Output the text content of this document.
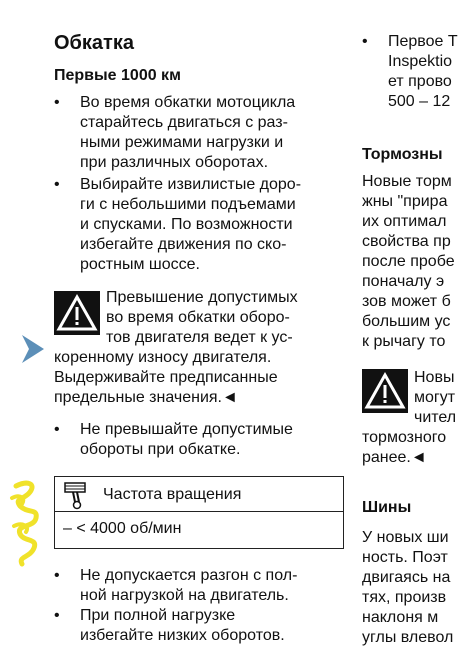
Обкатка
Первые 1000 км
•	Во время обкатки мотоцикла
старайтесь двигаться с раз-
ными режимами нагрузки и
при различных оборотах.
•	Выбирайте извилистые доро-
ги с небольшими подъемами
и спусками. По возможности
избегайте движения по ско-
ростным шоссе.
Превышение допустимых
во время обкатки оборо-
тов двигателя ведет к ус-
коренному износу двигателя.
Выдерживайте предписанные
предельные значения.◄
•	Не превышайте допустимые
обороты при обкатке.
Частота вращения
– < 4000 об/мин
•	Не допускается разгон с пол-
ной нагрузкой на двигатель.
•	При полной нагрузке
избегайте низких оборотов.
•	Первое Т
Inspektio
ет прово
500 – 12
Тормозны
Новые торм
жны "прира
их оптимал
свойства пр
после пробе
поначалу э
зов может б
большим ус
к рычагу то
Новы
могут
чител
тормозного
ранее.◄
Шины
У новых ши
ность. Поэт
двигаясь на
тях, произв
наклоня м
углы влевол
